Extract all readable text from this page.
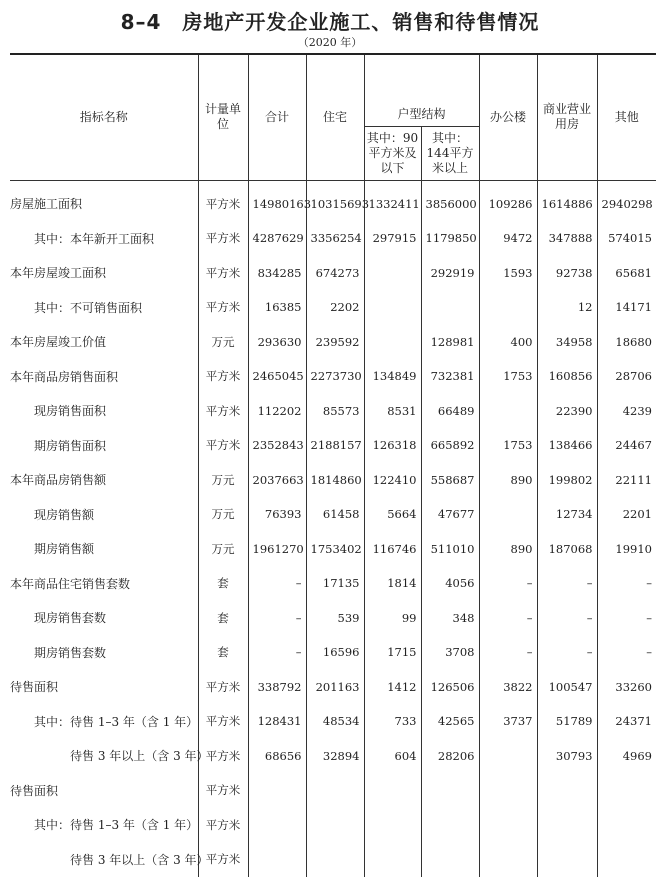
8–4　房地产开发企业施工、销售和待售情况
（2020 年）
指标名称	计量单位	合计	住宅			办公楼	商业营业用房	其他
				户型结构				
				其中：90平方米及以下	其中：144平方米以上			
房屋施工面积	平方米	14980163	10315693	1332411	3856000	109286	1614886	2940298
其中：本年新开工面积	平方米	4287629	3356254	297915	1179850	9472	347888	574015
本年房屋竣工面积	平方米	834285	674273		292919	1593	92738	65681
其中：不可销售面积	平方米	16385	2202				12	14171
本年房屋竣工价值	万元	293630	239592		128981	400	34958	18680
本年商品房销售面积	平方米	2465045	2273730	134849	732381	1753	160856	28706
现房销售面积	平方米	112202	85573	8531	66489		22390	4239
期房销售面积	平方米	2352843	2188157	126318	665892	1753	138466	24467
本年商品房销售额	万元	2037663	1814860	122410	558687	890	199802	22111
现房销售额	万元	76393	61458	5664	47677		12734	2201
期房销售额	万元	1961270	1753402	116746	511010	890	187068	19910
本年商品住宅销售套数	套	–	17135	1814	4056	–	–	–
现房销售套数	套	–	539	99	348	–	–	–
期房销售套数	套	–	16596	1715	3708	–	–	–
待售面积	平方米	338792	201163	1412	126506	3822	100547	33260
其中：待售 1–3 年（含 1 年）	平方米	128431	48534	733	42565	3737	51789	24371
待售 3 年以上（含 3 年）	平方米	68656	32894	604	28206		30793	4969
待售面积	平方米							
其中：待售 1–3 年（含 1 年）	平方米							
待售 3 年以上（含 3 年）	平方米							
